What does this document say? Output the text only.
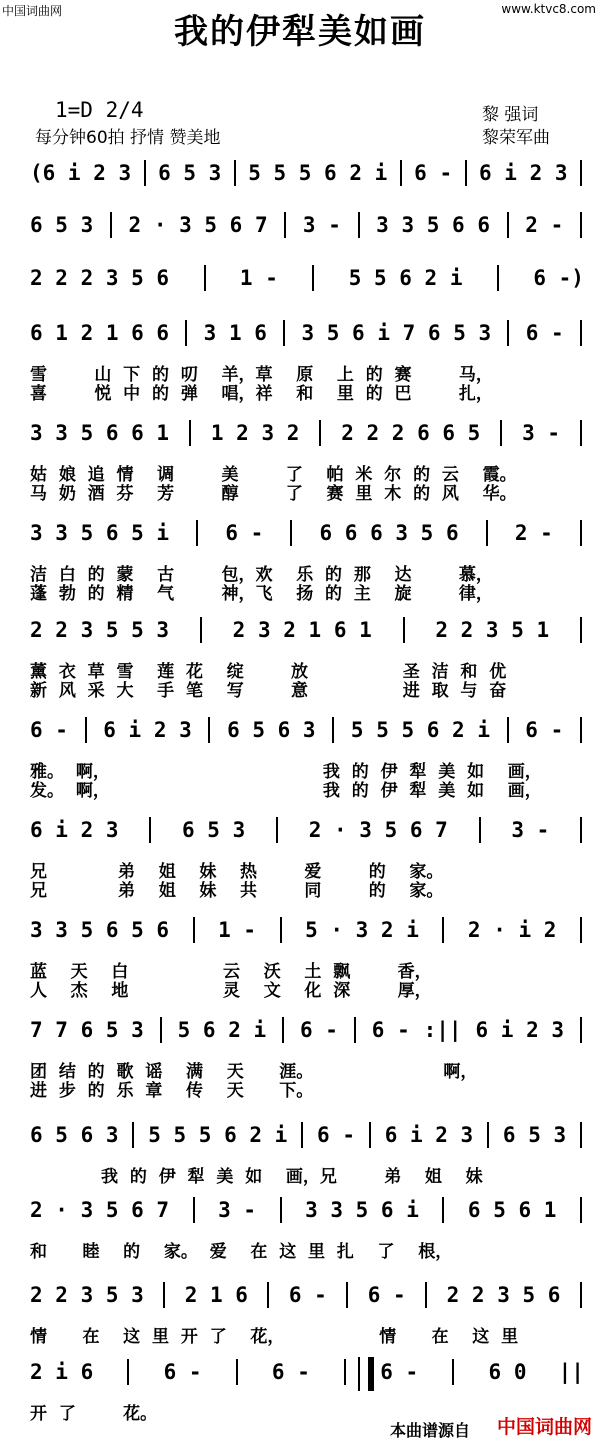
中国词曲网	www.ktvc8.com
我的伊犁美如画
1=D 2/4
每分钟60拍 抒情 赞美地
黎 强词
黎荣军曲
(6 i 2 3 6 5 3 5 5 5 6 2 i 6 - 6 i 2 3
6 5 3 2 · 3 5 6 7 3 - 3 3 5 6 6 2 -
2 2 2 3 5 6	1 -	5 5 6 2 i	6 -)
6 1 2 1 6 6 3 1 6 3 5 6 i 7 6 5 3 6 -
雪        山  下  的  叨    羊，草    原    上  的  赛        马，
喜        悦  中  的  弹    唱，祥    和    里  的  巴        扎，
3 3 5 6 6 1 1 2 3 2 2 2 2 6 6 5 3 -
姑  娘  追  情    调        美        了    帕  米  尔  的  云    霞。
马  奶  酒  芬    芳        醇        了    赛  里  木  的  风    华。
3 3 5 6 5 i	6 -	6 6 6 3 5 6	2 -
洁  白  的  蒙    古        包，欢    乐  的  那    达        慕，
蓬  勃  的  精    气        神，飞    扬  的  主    旋        律，
2 2 3 5 5 3	2 3 2 1 6 1	2 2 3 5 1
薰  衣  草  雪    莲  花    绽        放                圣  洁  和  优
新  风  采  大    手  笔    写        意                进  取  与  奋
6 - 6 i 2 3 6 5 6 3 5 5 5 6 2 i 6 -
雅。  啊，                                    我  的  伊  犁  美  如    画，
发。  啊，                                    我  的  伊  犁  美  如    画，
6 i 2 3	6 5 3	2 · 3 5 6 7	3 -
兄            弟    姐    妹    热        爱        的    家。
兄            弟    姐    妹    共        同        的    家。
3 3 5 6 5 6 1 - 5 · 3 2 i 2 · i 2
蓝    天    白                云    沃    土  飘        香，
人    杰    地                灵    文    化  深        厚，
7 7 6 5 3 5 6 2 i 6 - 6 - :|| 6 i 2 3
团  结  的  歌  谣    满    天      涯。                      啊，
进  步  的  乐  章    传    天      下。
6 5 6 3 5 5 5 6 2 i 6 - 6 i 2 3 6 5 3
我  的  伊  犁  美  如    画，兄        弟    姐    妹
2 · 3 5 6 7 3 - 3 3 5 6 i 6 5 6 1
和      睦    的    家。  爱    在  这  里  扎    了    根，
2 2 3 5 3 2 1 6 6 - 6 - 2 2 3 5 6
情      在    这  里  开  了    花，                情      在    这  里
2 i 6	6 -	6 -	6 -	6 0 ||
开  了        花。
本曲谱源自 中国词曲网
